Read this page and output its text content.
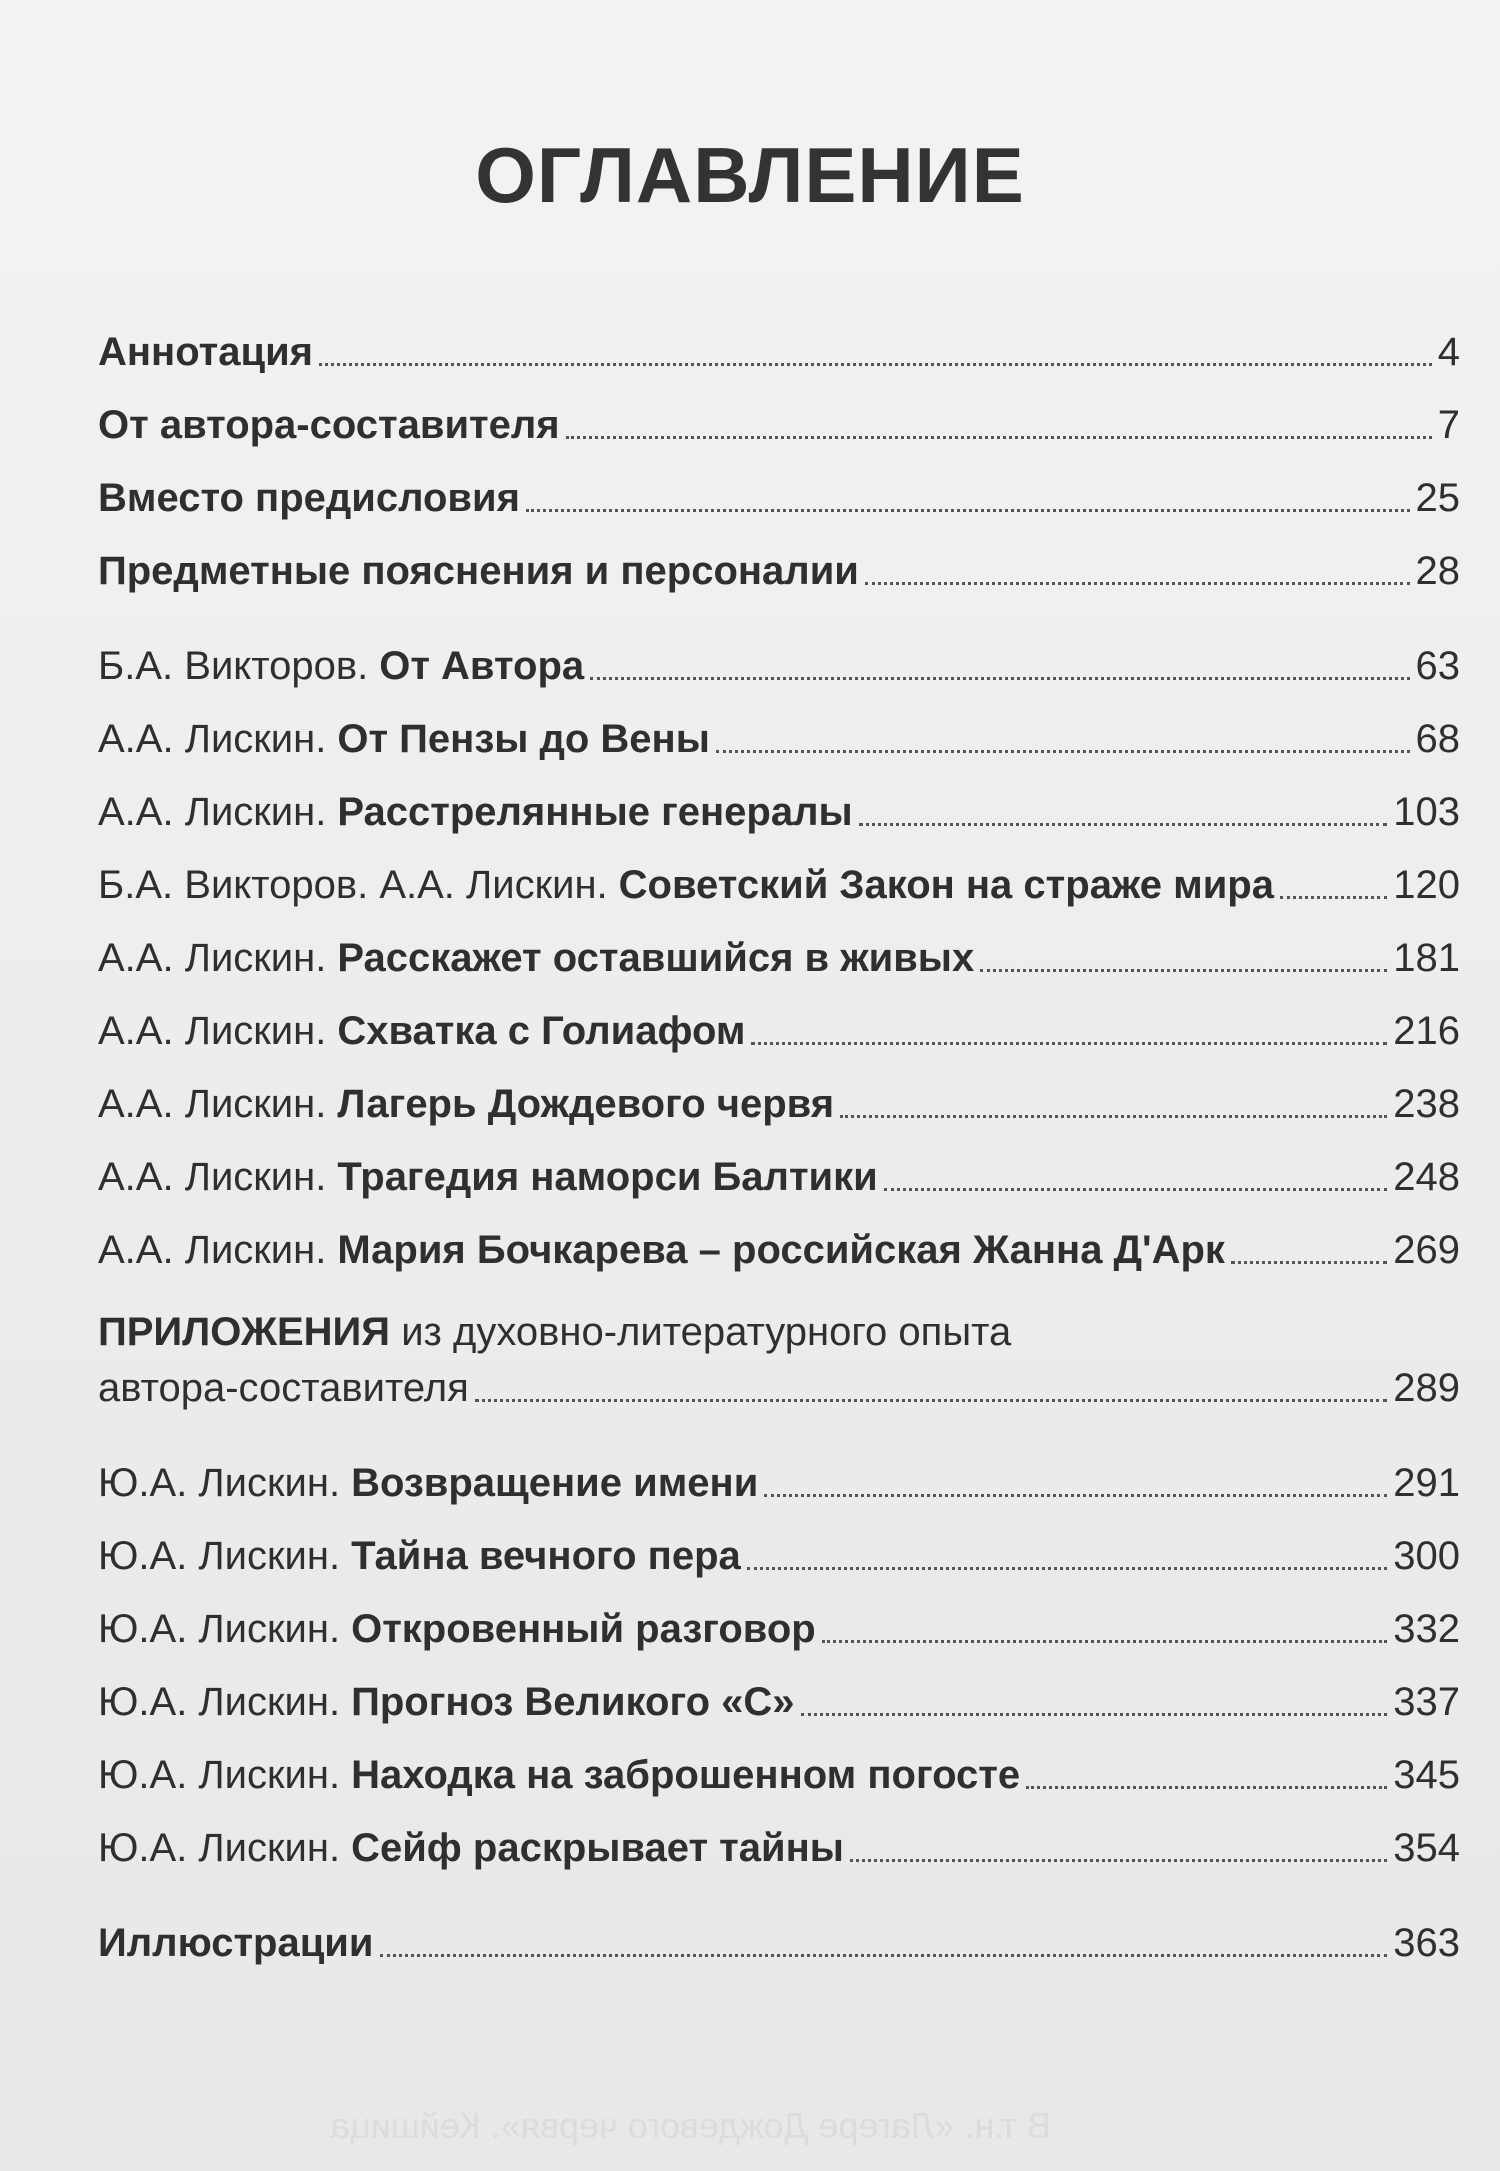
ОГЛАВЛЕНИЕ
Аннотация	4
От автора-составителя	7
Вместо предисловия	25
Предметные пояснения и персоналии	28
Б.А. Викторов. От Автора	63
А.А. Лискин. От Пензы до Вены	68
А.А. Лискин. Расстрелянные генералы	103
Б.А. Викторов. А.А. Лискин. Советский Закон на страже мира	120
А.А. Лискин. Расскажет оставшийся в живых	181
А.А. Лискин. Схватка с Голиафом	216
А.А. Лискин. Лагерь Дождевого червя	238
А.А. Лискин. Трагедия наморси Балтики	248
А.А. Лискин. Мария Бочкарева – российская Жанна Д'Арк	269
ПРИЛОЖЕНИЯ из духовно-литературного опыта
автора-составителя	289
Ю.А. Лискин. Возвращение имени	291
Ю.А. Лискин. Тайна вечного пера	300
Ю.А. Лискин. Откровенный разговор	332
Ю.А. Лискин. Прогноз Великого «С»	337
Ю.А. Лискин. Находка на заброшенном погосте	345
Ю.А. Лискин. Сейф раскрывает тайны	354
Иллюстрации	363
В т.н. «Лагере Дождевого червя». Кейшица
